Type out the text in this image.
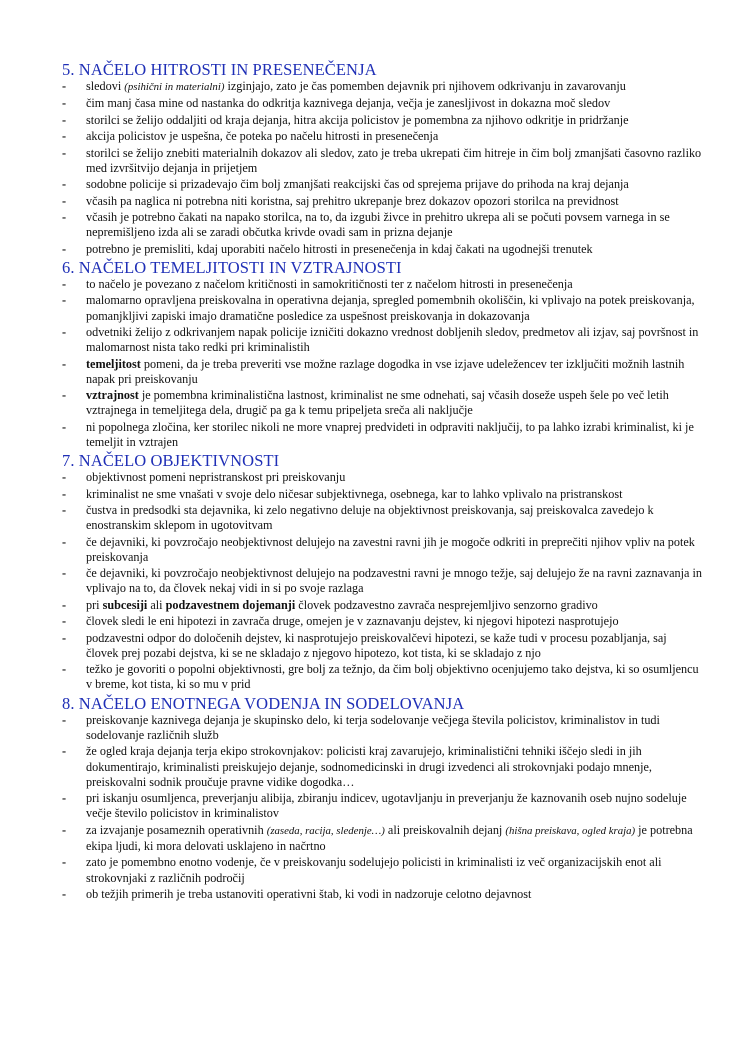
5. NAČELO HITROSTI IN PRESENEČENJA
- sledovi (psihični in materialni) izginjajo, zato je čas pomemben dejavnik pri njihovem odkrivanju in zavarovanju
- čim manj časa mine od nastanka do odkritja kaznivega dejanja, večja je zanesljivost in dokazna moč sledov
- storilci se želijo oddaljiti od kraja dejanja, hitra akcija policistov je pomembna za njihovo odkritje in pridržanje
- akcija policistov je uspešna, če poteka po načelu hitrosti in presenečenja
- storilci se želijo znebiti materialnih dokazov ali sledov, zato je treba ukrepati čim hitreje in čim bolj zmanjšati časovno razliko med izvršitvijo dejanja in prijetjem
- sodobne policije si prizadevajo čim bolj zmanjšati reakcijski čas od sprejema prijave do prihoda na kraj dejanja
- včasih pa naglica ni potrebna niti koristna, saj prehitro ukrepanje brez dokazov opozori storilca na previdnost
- včasih je potrebno čakati na napako storilca, na to, da izgubi živce in prehitro ukrepa ali se počuti povsem varnega in se nepremišljeno izda ali se zaradi občutka krivde ovadi sam in prizna dejanje
- potrebno je premisliti, kdaj uporabiti načelo hitrosti in presenečenja in kdaj čakati na ugodnejši trenutek
6. NAČELO TEMELJITOSTI IN VZTRAJNOSTI
- to načelo je povezano z načelom kritičnosti in samokritičnosti ter z načelom hitrosti in presenečenja
- malomarno opravljena preiskovalna in operativna dejanja, spregled pomembnih okoliščin, ki vplivajo na potek preiskovanja, pomanjkljivi zapiski imajo dramatične posledice za uspešnost preiskovanja in dokazovanja
- odvetniki želijo z odkrivanjem napak policije izničiti dokazno vrednost dobljenih sledov, predmetov ali izjav, saj površnost in malomarnost nista tako redki pri kriminalistih
- temeljitost pomeni, da je treba preveriti vse možne razlage dogodka in vse izjave udeležencev ter izključiti možnih lastnih napak pri preiskovanju
- vztrajnost je pomembna kriminalistična lastnost, kriminalist ne sme odnehati, saj včasih doseže uspeh šele po več letih vztrajnega in temeljitega dela, drugič pa ga k temu pripeljeta sreča ali naključje
- ni popolnega zločina, ker storilec nikoli ne more vnaprej predvideti in odpraviti naključij, to pa lahko izrabi kriminalist, ki je temeljit in vztrajen
7. NAČELO OBJEKTIVNOSTI
- objektivnost pomeni nepristranskost pri preiskovanju
- kriminalist ne sme vnašati v svoje delo ničesar subjektivnega, osebnega, kar to lahko vplivalo na pristranskost
- čustva in predsodki sta dejavnika, ki zelo negativno deluje na objektivnost preiskovanja, saj preiskovalca zavedejo k enostranskim sklepom in ugotovitvam
- če dejavniki, ki povzročajo neobjektivnost delujejo na zavestni ravni jih je mogoče odkriti in preprečiti njihov vpliv na potek preiskovanja
- če dejavniki, ki povzročajo neobjektivnost delujejo na podzavestni ravni je mnogo težje, saj delujejo že na ravni zaznavanja in vplivajo na to, da človek nekaj vidi in si po svoje razlaga
- pri subcesiji ali podzavestnem dojemanji človek podzavestno zavrača nesprejemljivo senzorno gradivo
- človek sledi le eni hipotezi in zavrača druge, omejen je v zaznavanju dejstev, ki njegovi hipotezi nasprotujejo
- podzavestni odpor do določenih dejstev, ki nasprotujejo preiskovalčevi hipotezi, se kaže tudi v procesu pozabljanja, saj človek prej pozabi dejstva, ki se ne skladajo z njegovo hipotezo, kot tista, ki se skladajo z njo
- težko je govoriti o popolni objektivnosti, gre bolj za težnjo, da čim bolj objektivno ocenjujemo tako dejstva, ki so osumljencu v breme, kot tista, ki so mu v prid
8. NAČELO ENOTNEGA VODENJA IN SODELOVANJA
- preiskovanje kaznivega dejanja je skupinsko delo, ki terja sodelovanje večjega števila policistov, kriminalistov in tudi sodelovanje različnih služb
- že ogled kraja dejanja terja ekipo strokovnjakov: policisti kraj zavarujejo, kriminalistični tehniki iščejo sledi in jih dokumentirajo, kriminalisti preiskujejo dejanje, sodnomedicinski in drugi izvedenci ali strokovnjaki podajo mnenje, preiskovalni sodnik proučuje pravne vidike dogodka…
- pri iskanju osumljenca, preverjanju alibija, zbiranju indicev, ugotavljanju in preverjanju že kaznovanih oseb nujno sodeluje večje število policistov in kriminalistov
- za izvajanje posameznih operativnih (zaseda, racija, sledenje…) ali preiskovalnih dejanj (hišna preiskava, ogled kraja) je potrebna ekipa ljudi, ki mora delovati usklajeno in načrtno
- zato je pomembno enotno vodenje, če v preiskovanju sodelujejo policisti in kriminalisti iz več organizacijskih enot ali strokovnjaki z različnih področij
- ob težjih primerih je treba ustanoviti operativni štab, ki vodi in nadzoruje celotno dejavnost
